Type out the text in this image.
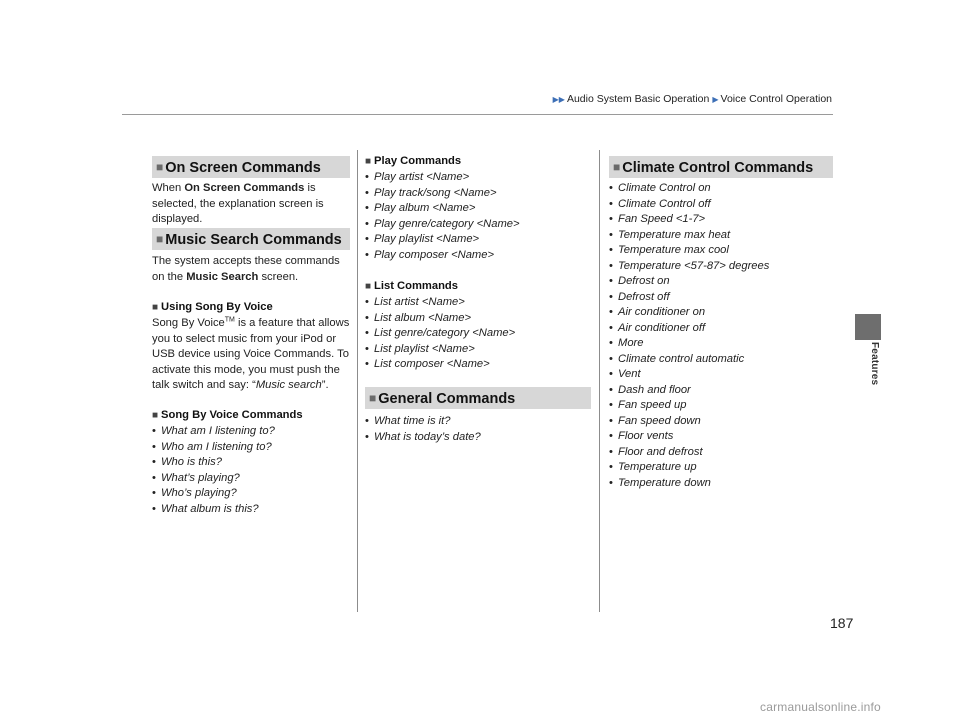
▶▶ Audio System Basic Operation ▶ Voice Control Operation
Features
■ On Screen Commands

When On Screen Commands is selected, the explanation screen is displayed.

■ Music Search Commands

The system accepts these commands on the Music Search screen.

■ Using Song By Voice

Song By Voice™ is a feature that allows you to select music from your iPod or USB device using Voice Commands. To activate this mode, you must push the talk switch and say: “Music search”.

■ Song By Voice Commands
• What am I listening to?
• Who am I listening to?
• Who is this?
• What’s playing?
• Who’s playing?
• What album is this?
■ Play Commands
• Play artist <Name>
• Play track/song <Name>
• Play album <Name>
• Play genre/category <Name>
• Play playlist <Name>
• Play composer <Name>
■ List Commands
• List artist <Name>
• List album <Name>
• List genre/category <Name>
• List playlist <Name>
• List composer <Name>
■ General Commands
• What time is it?
• What is today’s date?
■ Climate Control Commands
• Climate Control on
• Climate Control off
• Fan Speed <1-7>
• Temperature max heat
• Temperature max cool
• Temperature <57-87> degrees
• Defrost on
• Defrost off
• Air conditioner on
• Air conditioner off
• More
• Climate control automatic
• Vent
• Dash and floor
• Fan speed up
• Fan speed down
• Floor vents
• Floor and defrost
• Temperature up
• Temperature down
187
carmanualsonline.info
